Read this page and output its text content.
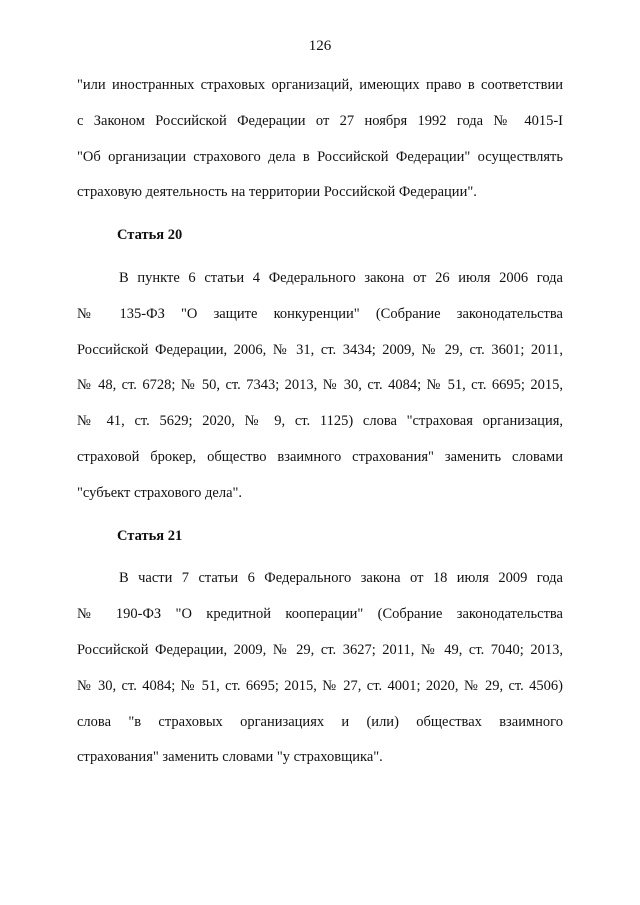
126
"или иностранных страховых организаций, имеющих право в соответствии
с Законом Российской Федерации от 27 ноября 1992 года № 4015-I
"Об организации страхового дела в Российской Федерации" осуществлять
страховую деятельность на территории Российской Федерации".
Статья 20
В пункте 6 статьи 4 Федерального закона от 26 июля 2006 года
№ 135-ФЗ "О защите конкуренции" (Собрание законодательства
Российской Федерации, 2006, № 31, ст. 3434; 2009, № 29, ст. 3601; 2011,
№ 48, ст. 6728; № 50, ст. 7343; 2013, № 30, ст. 4084; № 51, ст. 6695; 2015,
№ 41, ст. 5629; 2020, № 9, ст. 1125) слова "страховая организация,
страховой брокер, общество взаимного страхования" заменить словами
"субъект страхового дела".
Статья 21
В части 7 статьи 6 Федерального закона от 18 июля 2009 года
№ 190-ФЗ "О кредитной кооперации" (Собрание законодательства
Российской Федерации, 2009, № 29, ст. 3627; 2011, № 49, ст. 7040; 2013,
№ 30, ст. 4084; № 51, ст. 6695; 2015, № 27, ст. 4001; 2020, № 29, ст. 4506)
слова "в страховых организациях и (или) обществах взаимного
страхования" заменить словами "у страховщика".
